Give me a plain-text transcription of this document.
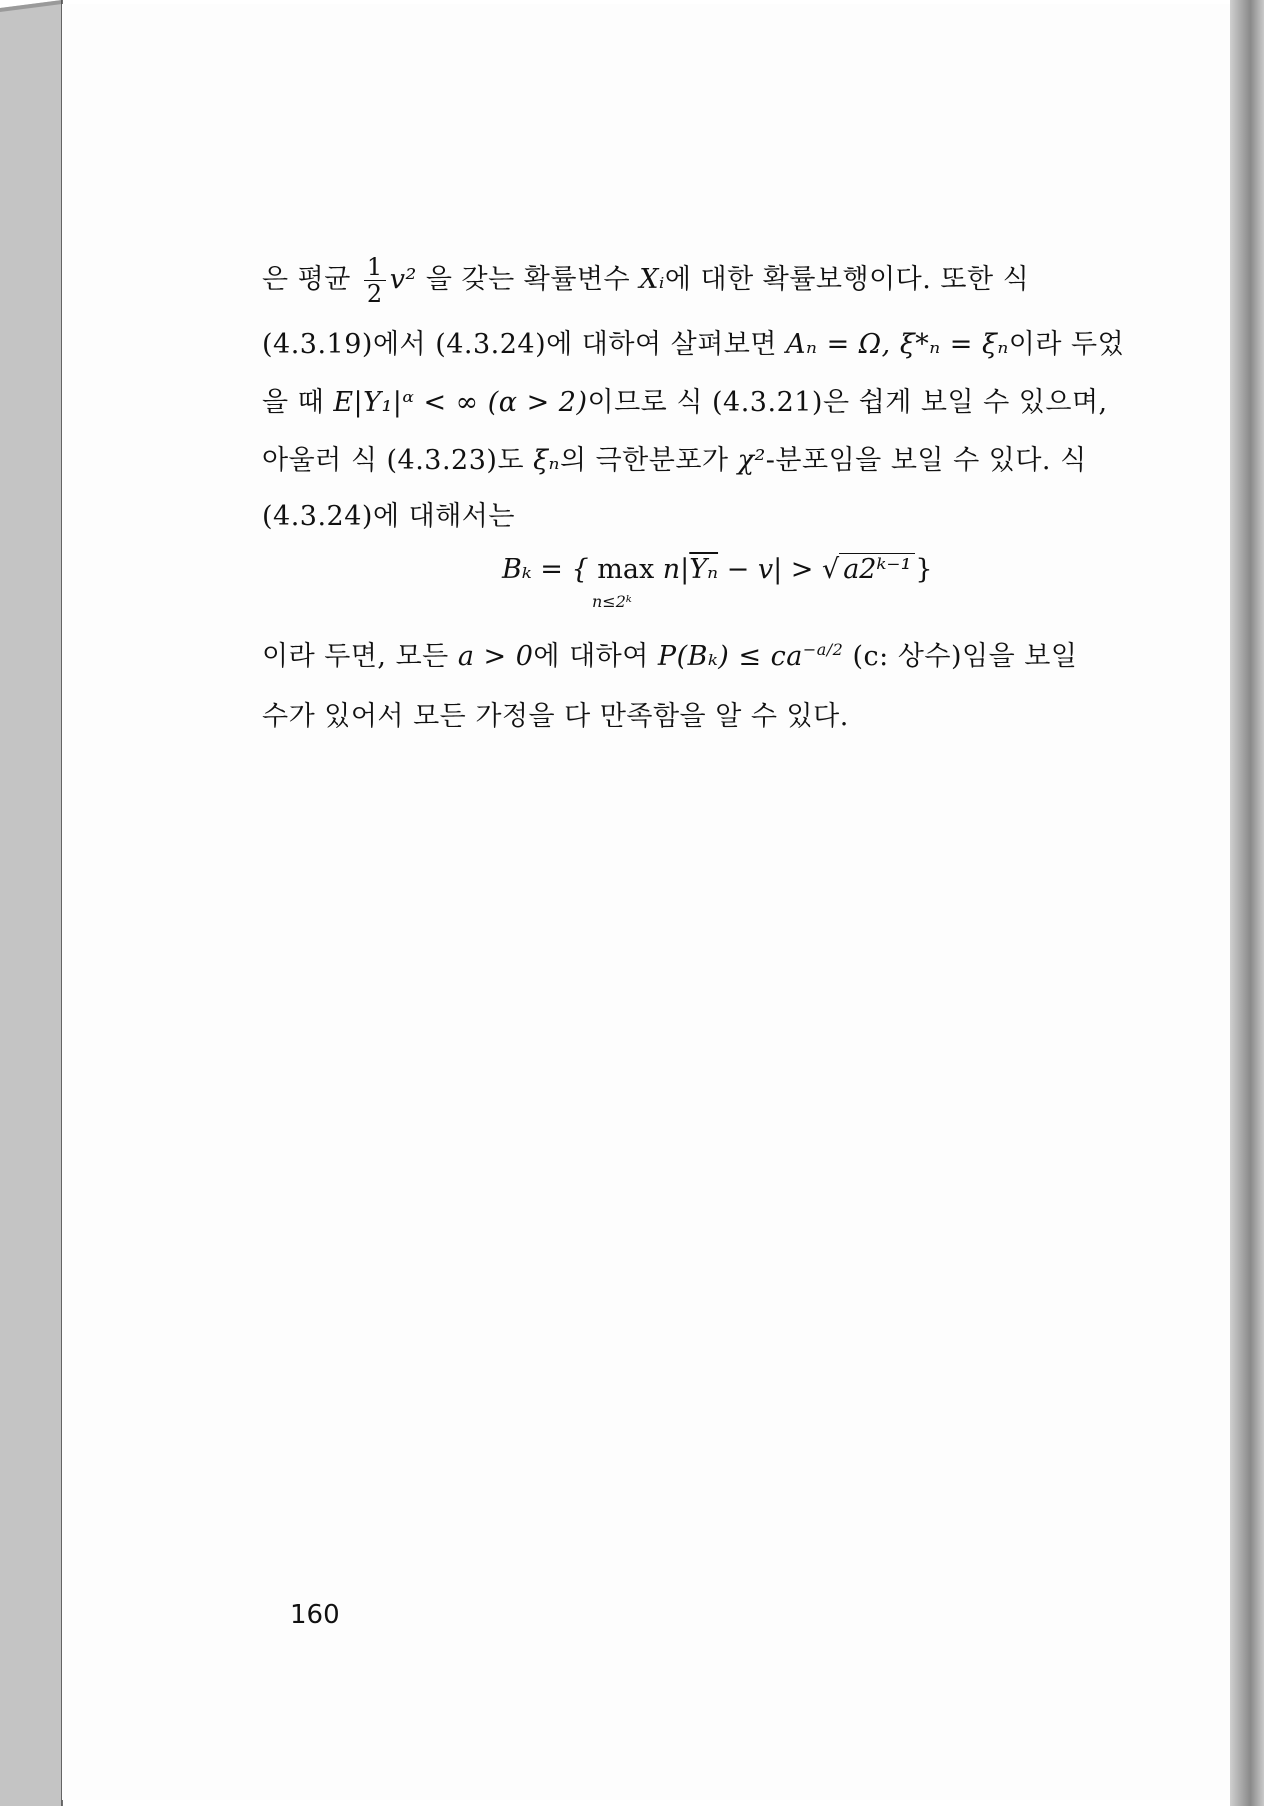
은 평균 $\frac{1}{2} v^2$ 을 갖는 확률변수 Xᵢ에 대한 확률보행이다. 또한 식
(4.3.19)에서 (4.3.24)에 대하여 살펴보면 Aₙ = Ω, ξ*ₙ = ξₙ이라 두었
을 때 E|Y₁|ᵅ < ∞ (α > 2)이므로 식 (4.3.21)은 쉽게 보일 수 있으며,
아울러 식 (4.3.23)도 ξₙ의 극한분포가 χ²-분포임을 보일 수 있다. 식
(4.3.24)에 대해서는
Bₖ = { $\max n|\overline{Y_n} - v|$ > √ a2ᵏ⁻¹ }
n≤2ᵏ
이라 두면, 모든 a > 0에 대하여 $P(B_k) \le ca^{-a/2}$ (c: 상수)임을 보일
수가 있어서 모든 가정을 다 만족함을 알 수 있다.
160
